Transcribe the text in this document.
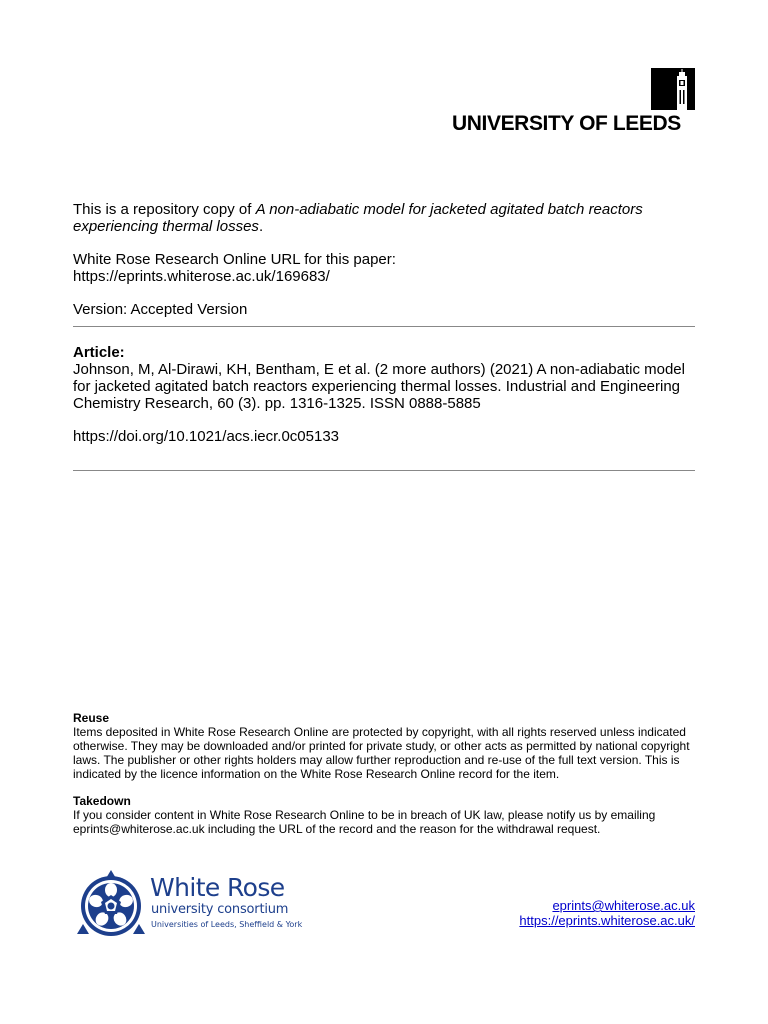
UNIVERSITY OF LEEDS

This is a repository copy of A non-adiabatic model for jacketed agitated batch reactors experiencing thermal losses.

White Rose Research Online URL for this paper:

https://eprints.whiterose.ac.uk/169683/

Version: Accepted Version

Article:

Johnson, M, Al-Dirawi, KH, Bentham, E et al. (2 more authors) (2021) A non-adiabatic model for jacketed agitated batch reactors experiencing thermal losses. Industrial and Engineering Chemistry Research, 60 (3). pp. 1316-1325. ISSN 0888-5885

https://doi.org/10.1021/acs.iecr.0c05133

Reuse

Items deposited in White Rose Research Online are protected by copyright, with all rights reserved unless indicated otherwise. They may be downloaded and/or printed for private study, or other acts as permitted by national copyright laws. The publisher or other rights holders may allow further reproduction and re-use of the full text version. This is indicated by the licence information on the White Rose Research Online record for the item.

Takedown

If you consider content in White Rose Research Online to be in breach of UK law, please notify us by emailing eprints@whiterose.ac.uk including the URL of the record and the reason for the withdrawal request.

White Rose
university consortium
Universities of Leeds, Sheffield & York
eprints@whiterose.ac.uk
https://eprints.whiterose.ac.uk/
